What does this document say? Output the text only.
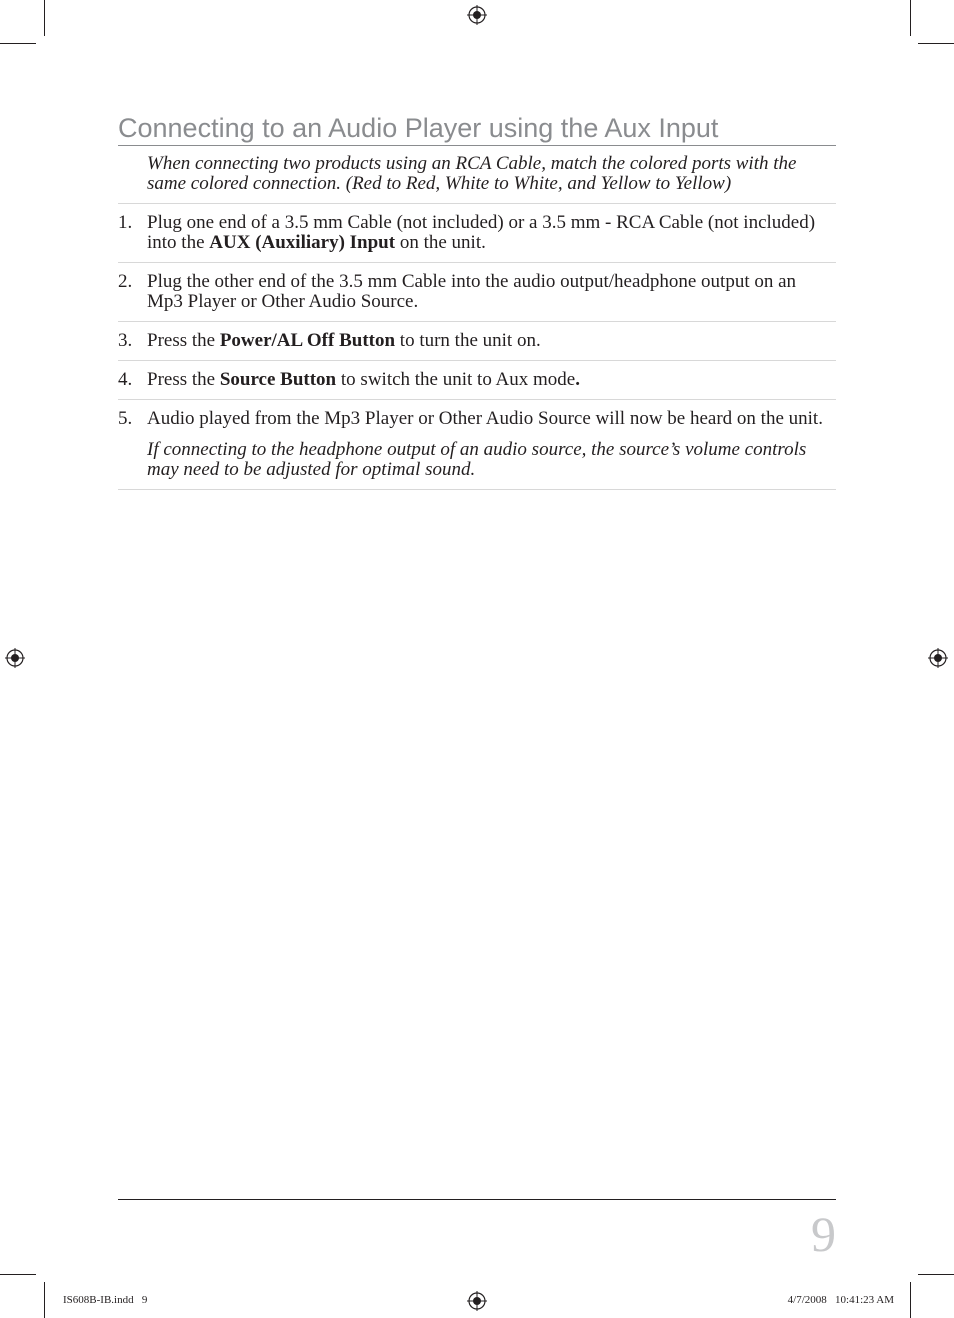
Connecting to an Audio Player using the Aux Input
When connecting two products using an RCA Cable, match the colored ports with the same colored connection. (Red to Red, White to White, and Yellow to Yellow)
1. Plug one end of a 3.5 mm Cable (not included) or a 3.5 mm - RCA Cable (not included) into the AUX (Auxiliary) Input on the unit.
2. Plug the other end of the 3.5 mm Cable into the audio output/headphone output on an Mp3 Player or Other Audio Source.
3. Press the Power/AL Off Button to turn the unit on.
4. Press the Source Button to switch the unit to Aux mode.
5. Audio played from the Mp3 Player or Other Audio Source will now be heard on the unit.
If connecting to the headphone output of an audio source, the source’s volume controls may need to be adjusted for optimal sound.
9
IS608B-IB.indd   9	4/7/2008   10:41:23 AM
